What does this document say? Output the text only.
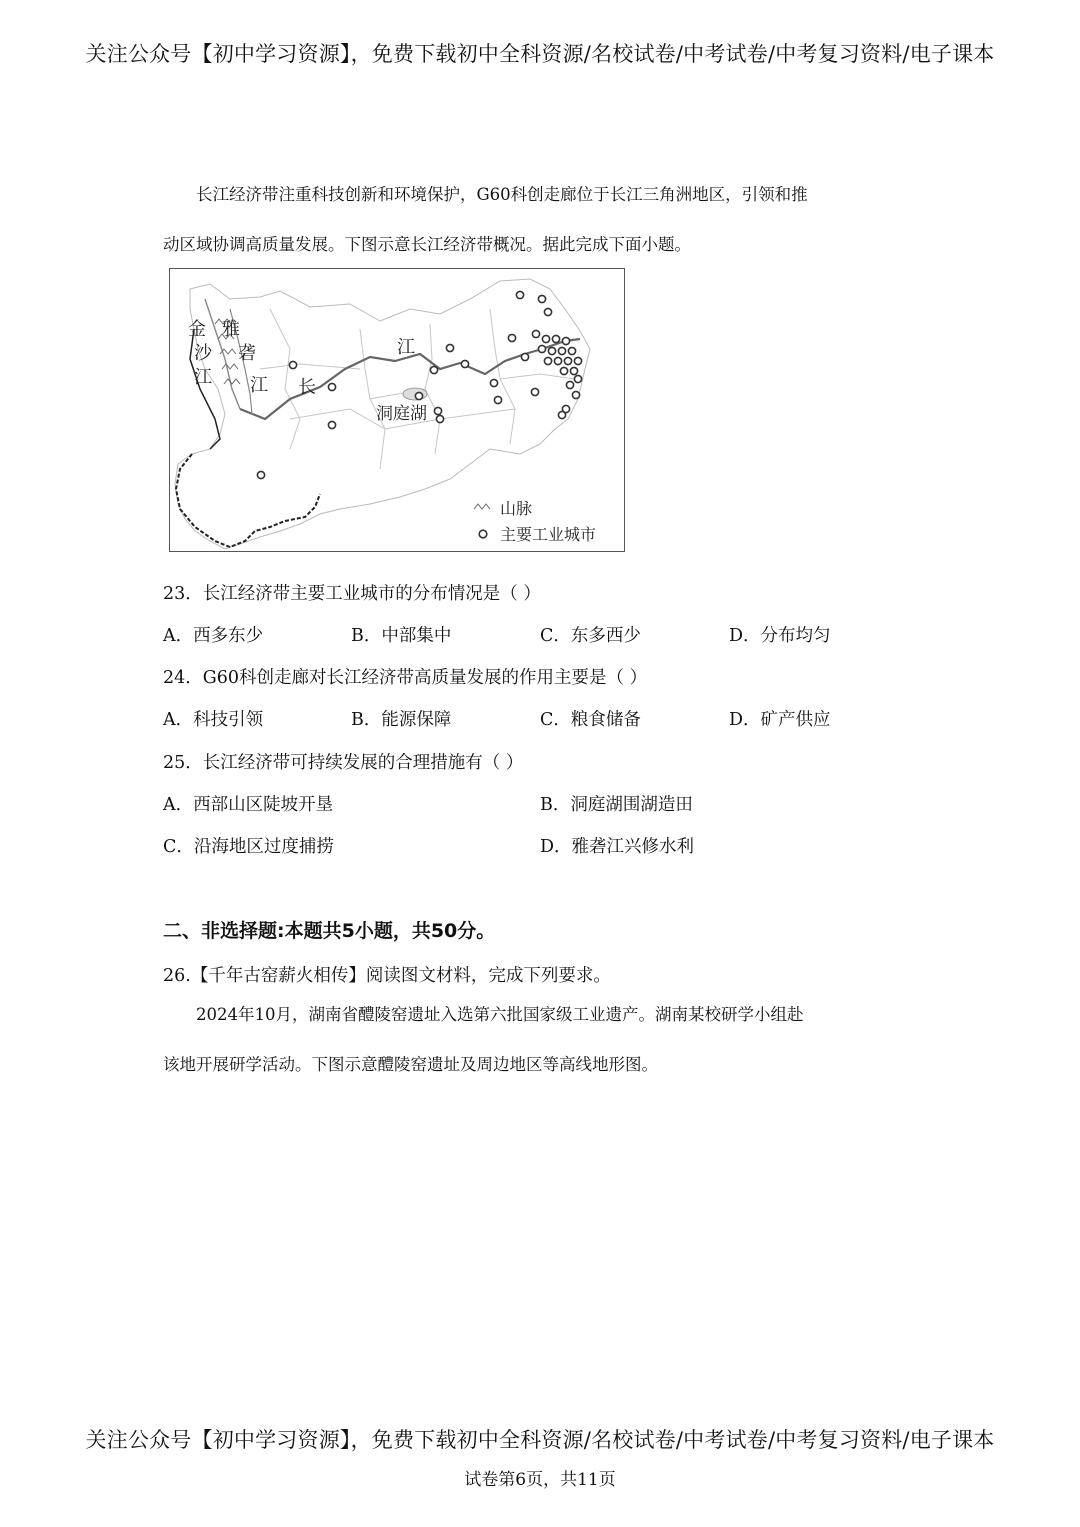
关注公众号【初中学习资源】，免费下载初中全科资源/名校试卷/中考试卷/中考复习资料/电子课本

长江经济带注重科技创新和环境保护，G60科创走廊位于长江三角洲地区，引领和推

动区域协调高质量发展。下图示意长江经济带概况。据此完成下面小题。

金
沙
江
雅
砻
江 长
江
洞庭湖
山脉
主要工业城市
23．长江经济带主要工业城市的分布情况是（ ）
A．西多东少	B．中部集中	C．东多西少	D．分布均匀
24．G60科创走廊对长江经济带高质量发展的作用主要是（ ）
A．科技引领	B．能源保障	C．粮食储备	D．矿产供应
25．长江经济带可持续发展的合理措施有（ ）
A．西部山区陡坡开垦	B．洞庭湖围湖造田
C．沿海地区过度捕捞	D．雅砻江兴修水利
二、非选择题:本题共5小题，共50分。
26.【千年古窑薪火相传】阅读图文材料，完成下列要求。

2024年10月，湖南省醴陵窑遗址入选第六批国家级工业遗产。湖南某校研学小组赴

该地开展研学活动。下图示意醴陵窑遗址及周边地区等高线地形图。

关注公众号【初中学习资源】，免费下载初中全科资源/名校试卷/中考试卷/中考复习资料/电子课本
试卷第6页，共11页
